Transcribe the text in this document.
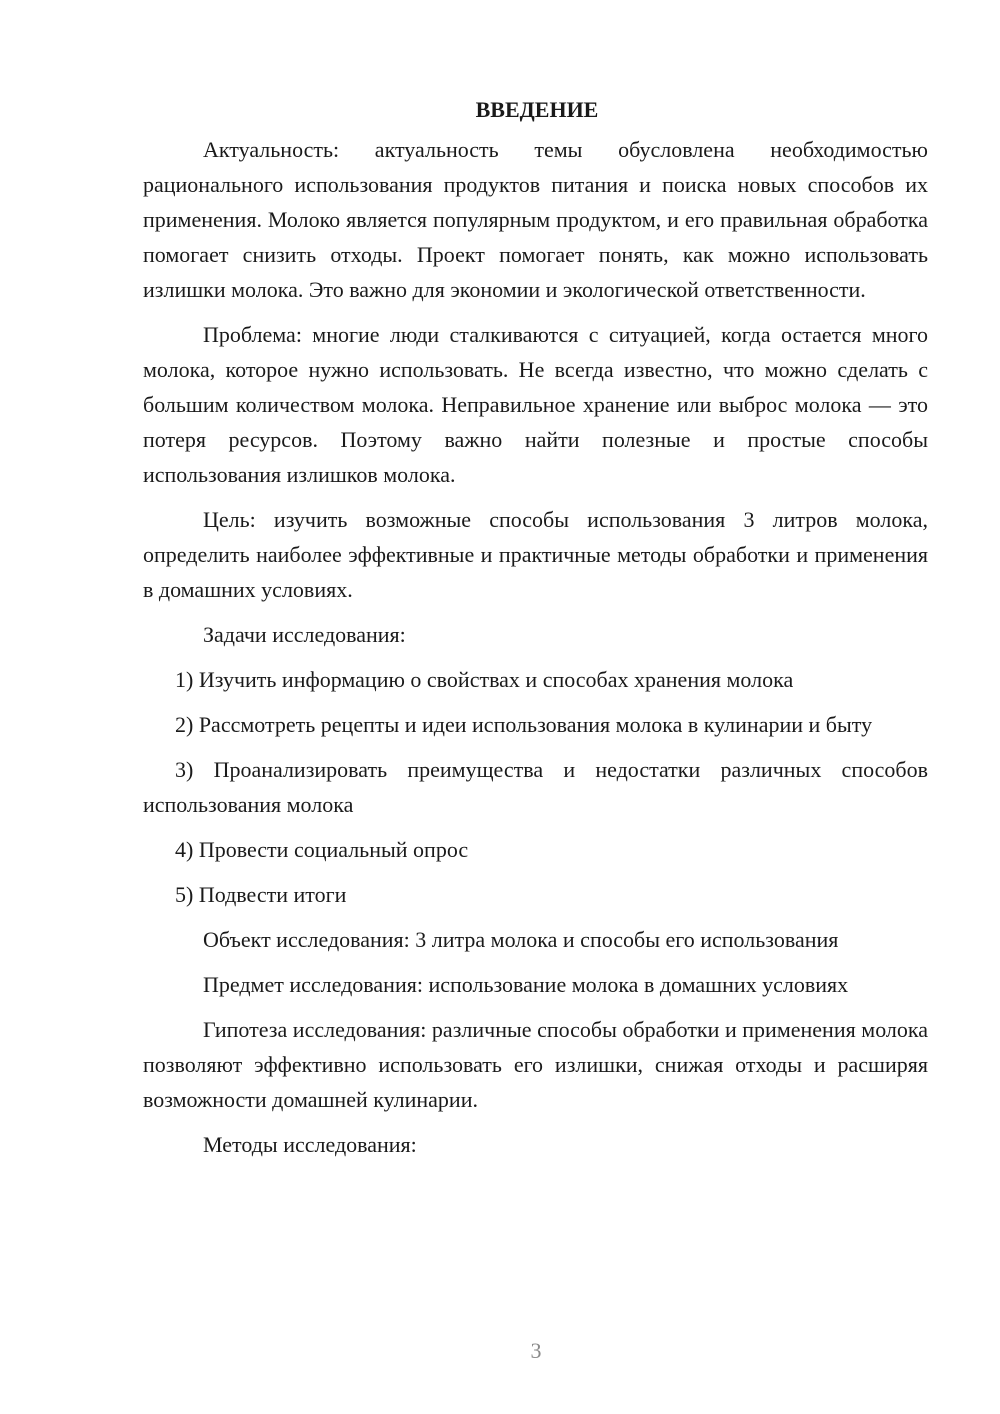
ВВЕДЕНИЕ

Актуальность: актуальность темы обусловлена необходимостью рационального использования продуктов питания и поиска новых способов их применения. Молоко является популярным продуктом, и его правильная обработка помогает снизить отходы. Проект помогает понять, как можно использовать излишки молока. Это важно для экономии и экологической ответственности.

Проблема: многие люди сталкиваются с ситуацией, когда остается много молока, которое нужно использовать. Не всегда известно, что можно сделать с большим количеством молока. Неправильное хранение или выброс молока — это потеря ресурсов. Поэтому важно найти полезные и простые способы использования излишков молока.

Цель: изучить возможные способы использования 3 литров молока, определить наиболее эффективные и практичные методы обработки и применения в домашних условиях.

Задачи исследования:

1) Изучить информацию о свойствах и способах хранения молока

2) Рассмотреть рецепты и идеи использования молока в кулинарии и быту

3) Проанализировать преимущества и недостатки различных способов использования молока

4) Провести социальный опрос

5) Подвести итоги

Объект исследования: 3 литра молока и способы его использования

Предмет исследования: использование молока в домашних условиях

Гипотеза исследования: различные способы обработки и применения молока позволяют эффективно использовать его излишки, снижая отходы и расширяя возможности домашней кулинарии.

Методы исследования:

3
